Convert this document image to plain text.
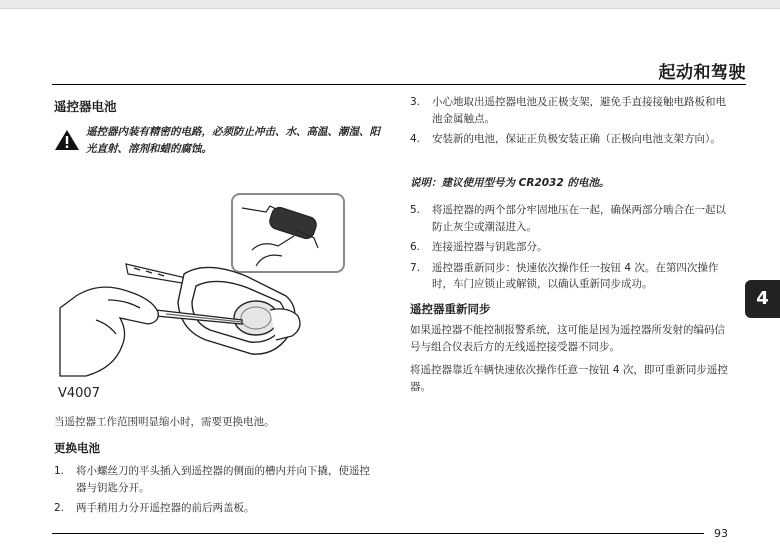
起动和驾驶
遥控器电池
遥控器内装有精密的电路，必须防止冲击、水、高温、潮湿、阳光直射、溶剂和蜡的腐蚀。
V4007
当遥控器工作范围明显缩小时，需要更换电池。
更换电池
1. 将小螺丝刀的平头插入到遥控器的侧面的槽内并向下撬，使遥控器与钥匙分开。
2. 两手稍用力分开遥控器的前后两盖板。
3. 小心地取出遥控器电池及正极支架，避免手直接接触电路板和电池金属触点。
4. 安装新的电池，保证正负极安装正确（正极向电池支架方向）。
说明：建议使用型号为 CR2032 的电池。
5. 将遥控器的两个部分牢固地压在一起，确保两部分啮合在一起以防止灰尘或潮湿进入。
6. 连接遥控器与钥匙部分。
7. 遥控器重新同步：快速依次操作任一按钮 4 次。在第四次操作时，车门应锁止或解锁，以确认重新同步成功。
遥控器重新同步
如果遥控器不能控制报警系统，这可能是因为遥控器所发射的编码信号与组合仪表后方的无线遥控接受器不同步。
将遥控器靠近车辆快速依次操作任意一按钮 4 次，即可重新同步遥控器。
4
93
